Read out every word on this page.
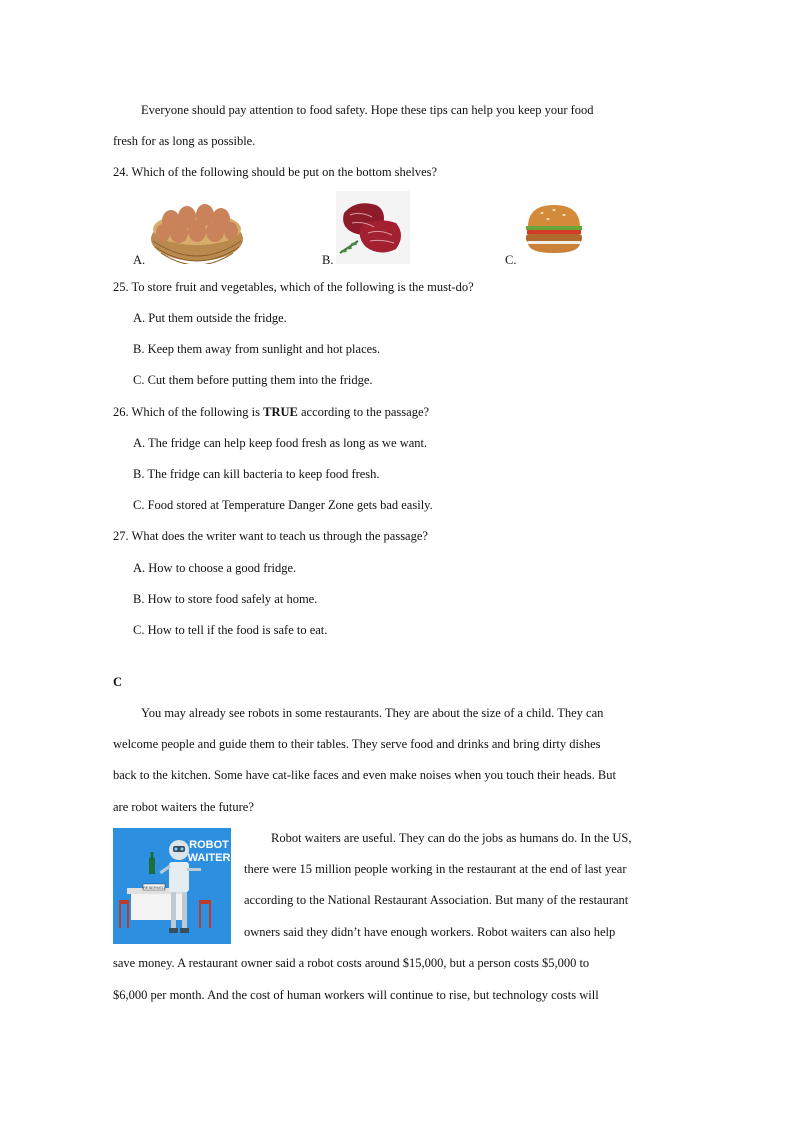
Everyone should pay attention to food safety. Hope these tips can help you keep your food
fresh for as long as possible.
24. Which of the following should be put on the bottom shelves?
A.	B.	C.
25. To store fruit and vegetables, which of the following is the must-do?
A. Put them outside the fridge.
B. Keep them away from sunlight and hot places.
C. Cut them before putting them into the fridge.
26. Which of the following is TRUE according to the passage?
A. The fridge can help keep food fresh as long as we want.
B. The fridge can kill bacteria to keep food fresh.
C. Food stored at Temperature Danger Zone gets bad easily.
27. What does the writer want to teach us through the passage?
A. How to choose a good fridge.
B. How to store food safely at home.
C. How to tell if the food is safe to eat.
C
You may already see robots in some restaurants. They are about the size of a child. They can
welcome people and guide them to their tables. They serve food and drinks and bring dirty dishes
back to the kitchen. Some have cat-like faces and even make noises when you touch their heads. But
are robot waiters the future?
ROBOT
WAITER
RESERVED
Robot waiters are useful. They can do the jobs as humans do. In the US,
there were 15 million people working in the restaurant at the end of last year
according to the National Restaurant Association. But many of the restaurant
owners said they didn’t have enough workers. Robot waiters can also help
save money. A restaurant owner said a robot costs around $15,000, but a person costs $5,000 to
$6,000 per month. And the cost of human workers will continue to rise, but technology costs will
